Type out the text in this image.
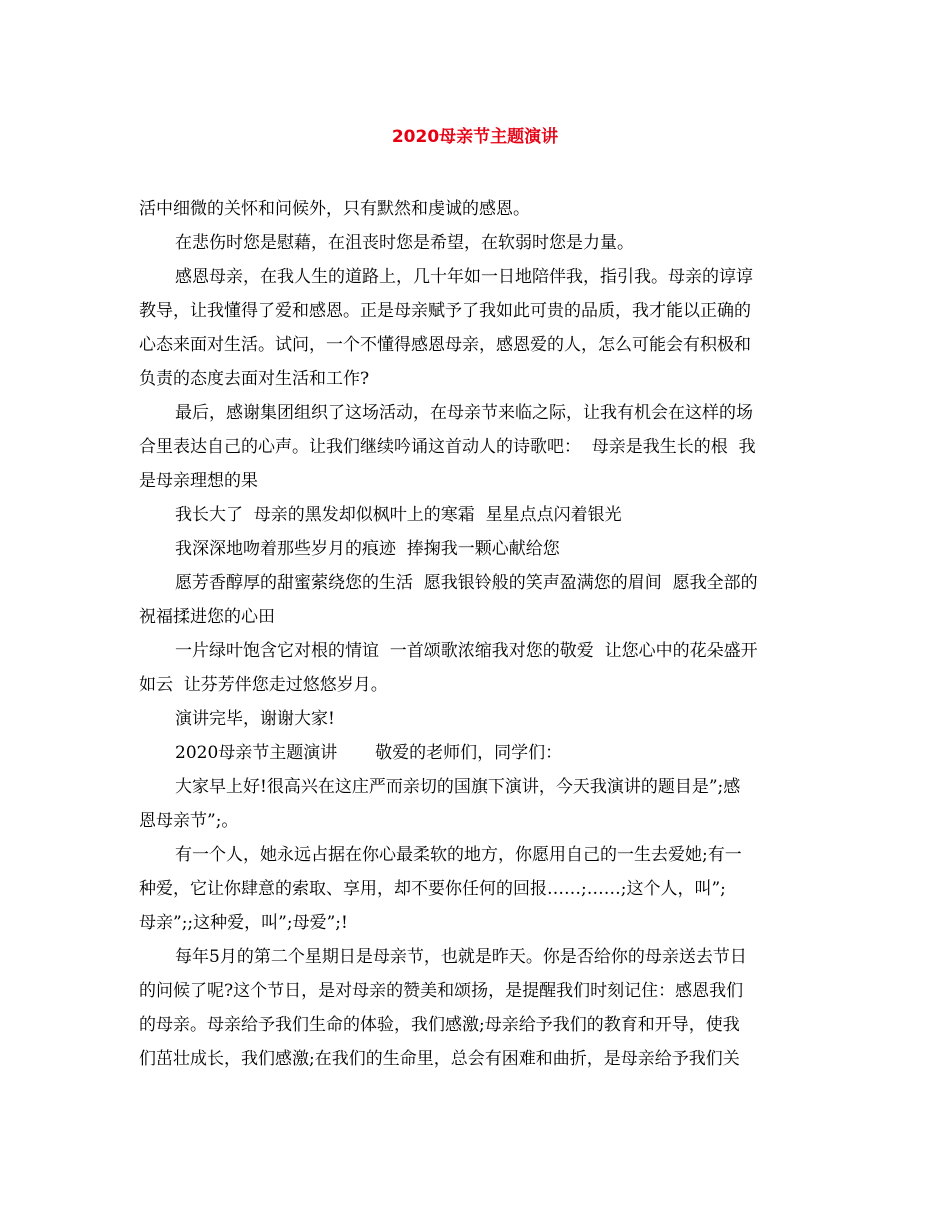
2020母亲节主题演讲
活中细微的关怀和问候外，只有默然和虔诚的感恩。
在悲伤时您是慰藉，在沮丧时您是希望，在软弱时您是力量。
感恩母亲，在我人生的道路上，几十年如一日地陪伴我，指引我。母亲的谆谆
教导，让我懂得了爱和感恩。正是母亲赋予了我如此可贵的品质，我才能以正确的
心态来面对生活。试问，一个不懂得感恩母亲，感恩爱的人，怎么可能会有积极和
负责的态度去面对生活和工作?
最后，感谢集团组织了这场活动，在母亲节来临之际，让我有机会在这样的场
合里表达自己的心声。让我们继续吟诵这首动人的诗歌吧：  母亲是我生长的根  我
是母亲理想的果
我长大了  母亲的黑发却似枫叶上的寒霜  星星点点闪着银光
我深深地吻着那些岁月的痕迹  捧掬我一颗心献给您
愿芳香醇厚的甜蜜萦绕您的生活  愿我银铃般的笑声盈满您的眉间  愿我全部的
祝福揉进您的心田
一片绿叶饱含它对根的情谊  一首颂歌浓缩我对您的敬爱  让您心中的花朵盛开
如云  让芬芳伴您走过悠悠岁月。
演讲完毕，谢谢大家!
2020母亲节主题演讲       敬爱的老师们，同学们：
大家早上好!很高兴在这庄严而亲切的国旗下演讲，今天我演讲的题目是”;感
恩母亲节”;。
有一个人，她永远占据在你心最柔软的地方，你愿用自己的一生去爱她;有一
种爱，它让你肆意的索取、享用，却不要你任何的回报……;……;这个人，叫”;
母亲”;;这种爱，叫”;母爱”;!
每年5月的第二个星期日是母亲节，也就是昨天。你是否给你的母亲送去节日
的问候了呢?这个节日，是对母亲的赞美和颂扬，是提醒我们时刻记住：感恩我们
的母亲。母亲给予我们生命的体验，我们感激;母亲给予我们的教育和开导，使我
们茁壮成长，我们感激;在我们的生命里，总会有困难和曲折，是母亲给予我们关
